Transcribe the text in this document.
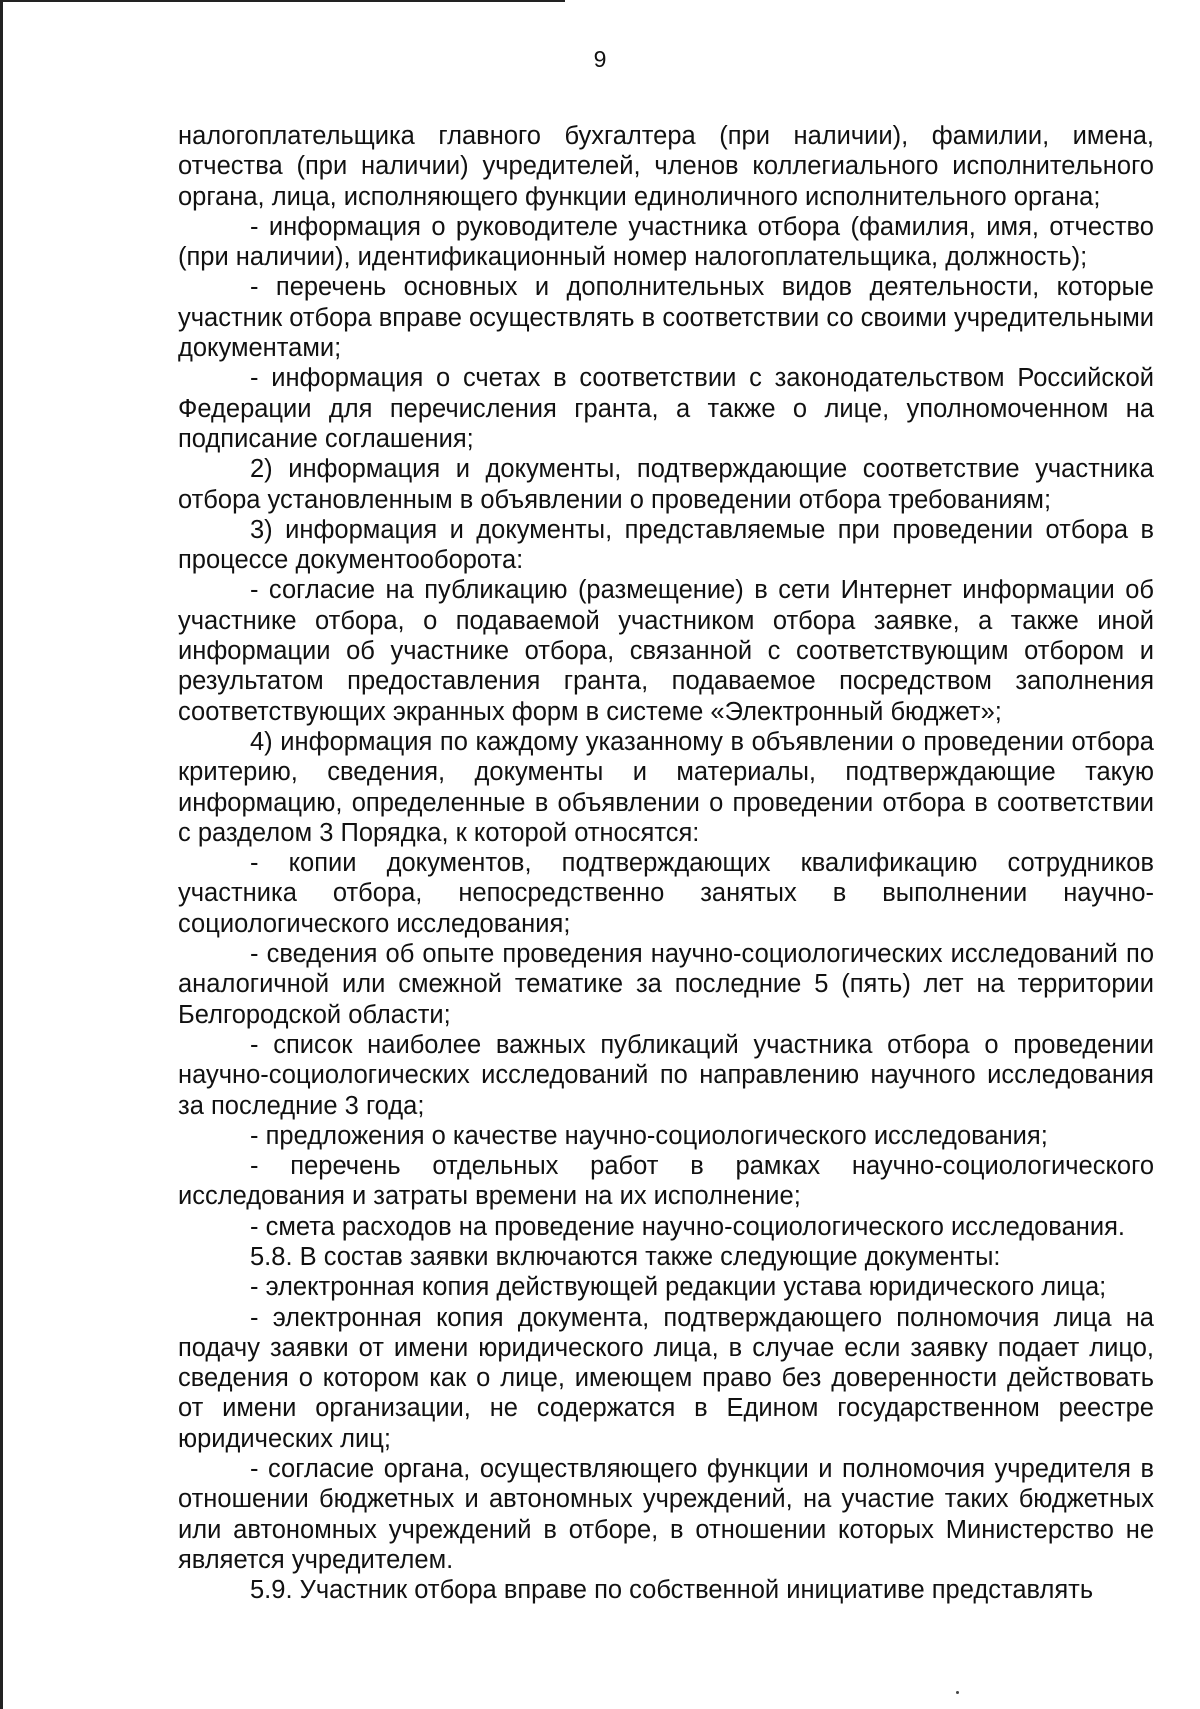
9

налогоплательщика главного бухгалтера (при наличии), фамилии, имена, отчества (при наличии) учредителей, членов коллегиального исполнительного органа, лица, исполняющего функции единоличного исполнительного органа;

- информация о руководителе участника отбора (фамилия, имя, отчество (при наличии), идентификационный номер налогоплательщика, должность);

- перечень основных и дополнительных видов деятельности, которые участник отбора вправе осуществлять в соответствии со своими учредительными документами;

- информация о счетах в соответствии с законодательством Российской Федерации для перечисления гранта, а также о лице, уполномоченном на подписание соглашения;

2) информация и документы, подтверждающие соответствие участника отбора установленным в объявлении о проведении отбора требованиям;

3) информация и документы, представляемые при проведении отбора в процессе документооборота:

- согласие на публикацию (размещение) в сети Интернет информации об участнике отбора, о подаваемой участником отбора заявке, а также иной информации об участнике отбора, связанной с соответствующим отбором и результатом предоставления гранта, подаваемое посредством заполнения соответствующих экранных форм в системе «Электронный бюджет»;

4) информация по каждому указанному в объявлении о проведении отбора критерию, сведения, документы и материалы, подтверждающие такую информацию, определенные в объявлении о проведении отбора в соответствии с разделом 3 Порядка, к которой относятся:

- копии документов, подтверждающих квалификацию сотрудников участника отбора, непосредственно занятых в выполнении научно-социологического исследования;

- сведения об опыте проведения научно-социологических исследований по аналогичной или смежной тематике за последние 5 (пять) лет на территории Белгородской области;

- список наиболее важных публикаций участника отбора о проведении научно-социологических исследований по направлению научного исследования за последние 3 года;

- предложения о качестве научно-социологического исследования;

- перечень отдельных работ в рамках научно-социологического исследования и затраты времени на их исполнение;

- смета расходов на проведение научно-социологического исследования.

5.8. В состав заявки включаются также следующие документы:

- электронная копия действующей редакции устава юридического лица;

- электронная копия документа, подтверждающего полномочия лица на подачу заявки от имени юридического лица, в случае если заявку подает лицо, сведения о котором как о лице, имеющем право без доверенности действовать от имени организации, не содержатся в Едином государственном реестре юридических лиц;

- согласие органа, осуществляющего функции и полномочия учредителя в отношении бюджетных и автономных учреждений, на участие таких бюджетных или автономных учреждений в отборе, в отношении которых Министерство не является учредителем.

5.9. Участник отбора вправе по собственной инициативе представлять
